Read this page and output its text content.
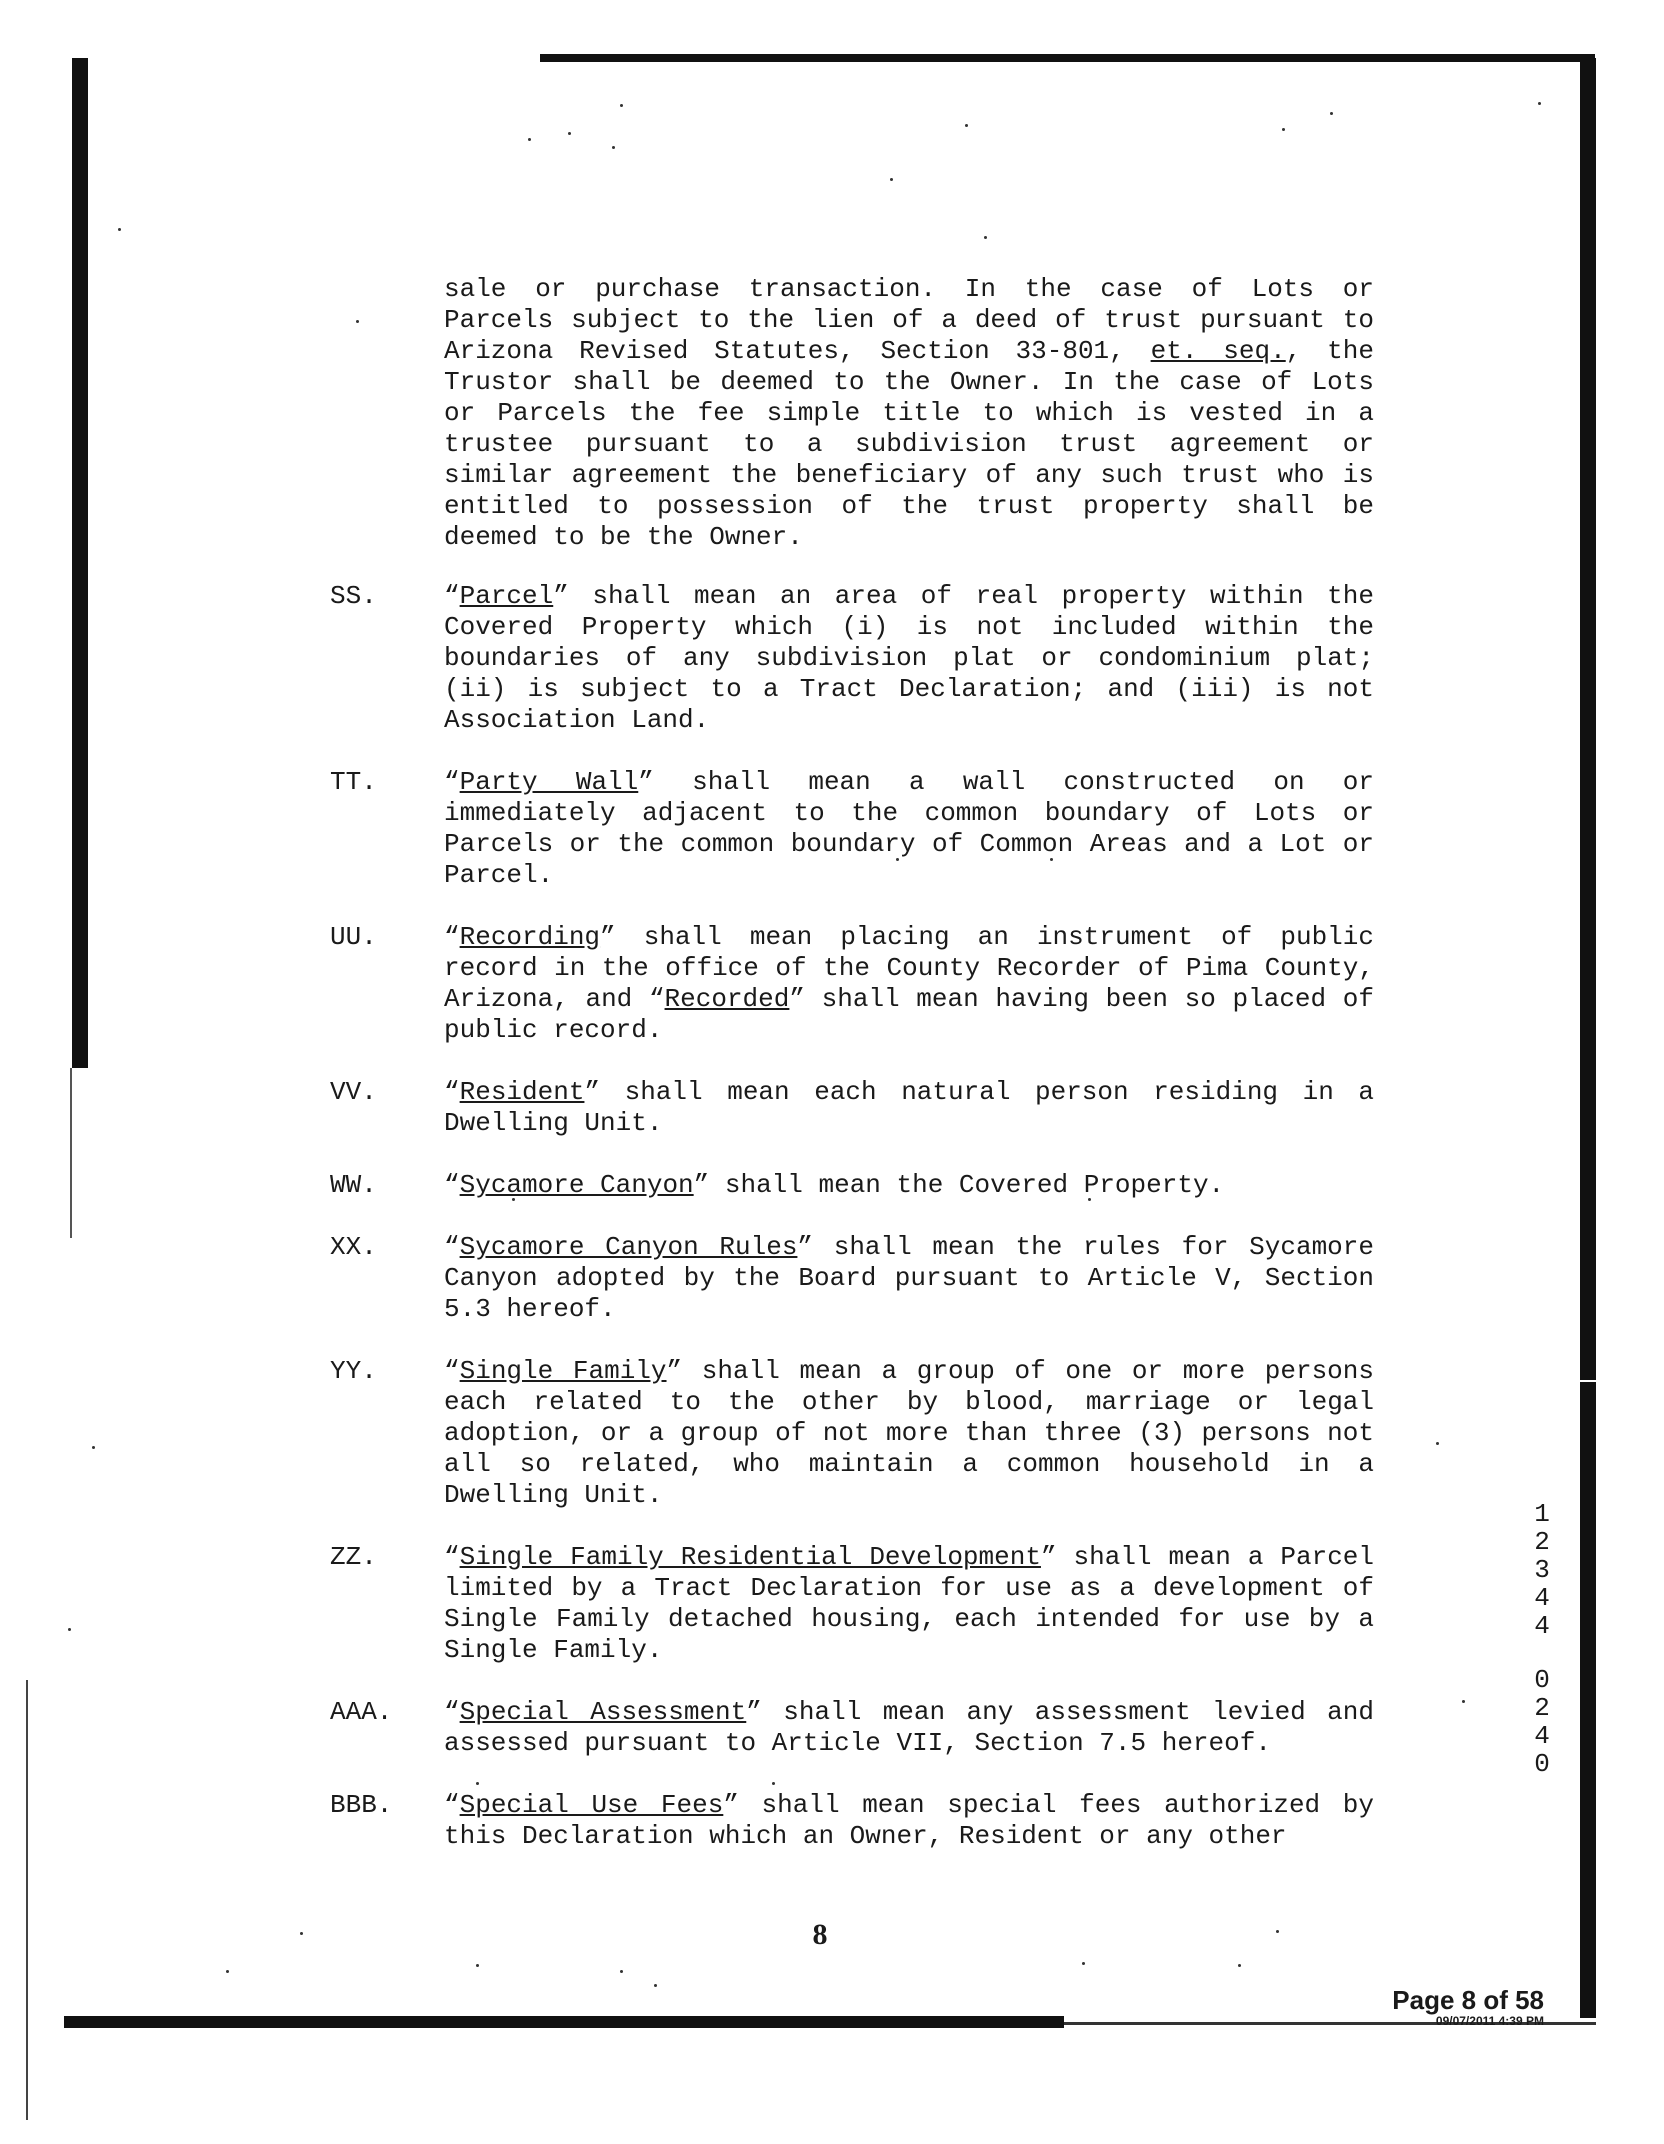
sale or purchase transaction. In the case of Lots or Parcels subject to the lien of a deed of trust pursuant to Arizona Revised Statutes, Section 33-801, et. seq., the Trustor shall be deemed to the Owner. In the case of Lots or Parcels the fee simple title to which is vested in a trustee pursuant to a subdivision trust agreement or similar agreement the beneficiary of any such trust who is entitled to possession of the trust property shall be deemed to be the Owner.

SS.	“Parcel” shall mean an area of real property within the Covered Property which (i) is not included within the boundaries of any subdivision plat or condominium plat; (ii) is subject to a Tract Declaration; and (iii) is not Association Land.
TT.	“Party Wall” shall mean a wall constructed on or immediately adjacent to the common boundary of Lots or Parcels or the common boundary of Common Areas and a Lot or Parcel.
UU.	“Recording” shall mean placing an instrument of public record in the office of the County Recorder of Pima County, Arizona, and “Recorded” shall mean having been so placed of public record.
VV.	“Resident” shall mean each natural person residing in a Dwelling Unit.
WW.	“Sycamore Canyon” shall mean the Covered Property.
XX.	“Sycamore Canyon Rules” shall mean the rules for Sycamore Canyon adopted by the Board pursuant to Article V, Section 5.3 hereof.
YY.	“Single Family” shall mean a group of one or more persons each related to the other by blood, marriage or legal adoption, or a group of not more than three (3) persons not all so related, who maintain a common household in a Dwelling Unit.
ZZ.	“Single Family Residential Development” shall mean a Parcel limited by a Tract Declaration for use as a development of Single Family detached housing, each intended for use by a Single Family.
AAA.	“Special Assessment” shall mean any assessment levied and assessed pursuant to Article VII, Section 7.5 hereof.
BBB.	“Special Use Fees” shall mean special fees authorized by this Declaration which an Owner, Resident or any other
12344
0240
8
Page 8 of 58
09/07/2011 4:39 PM
